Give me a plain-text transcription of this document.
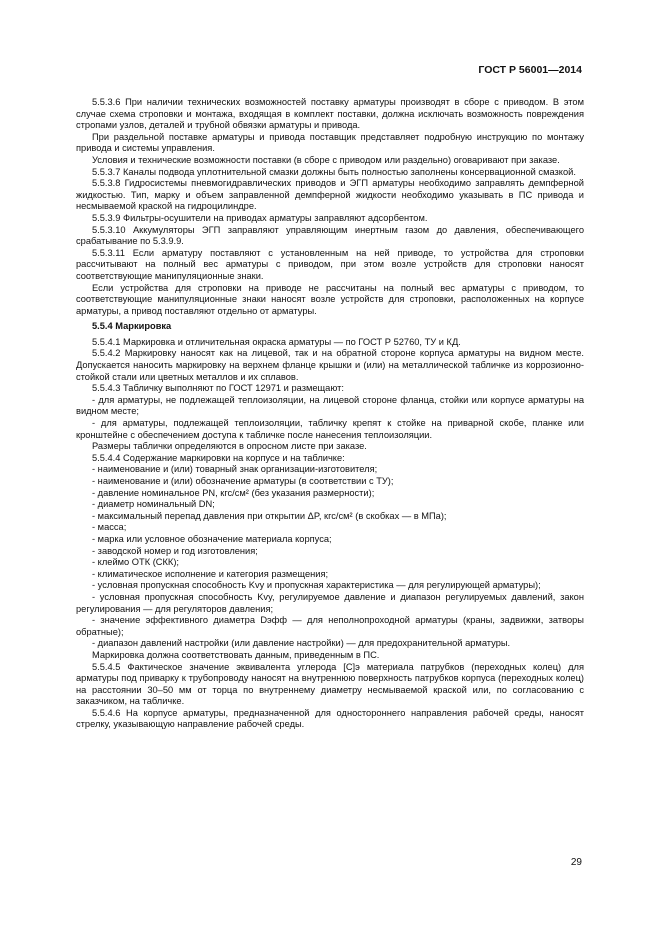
ГОСТ Р 56001—2014

5.5.3.6 При наличии технических возможностей поставку арматуры производят в сборе с приводом. В этом случае схема строповки и монтажа, входящая в комплект поставки, должна исключать возможность повреждения стропами узлов, деталей и трубной обвязки арматуры и привода.

При раздельной поставке арматуры и привода поставщик представляет подробную инструкцию по монтажу привода и системы управления.

Условия и технические возможности поставки (в сборе с приводом или раздельно) оговаривают при заказе.

5.5.3.7 Каналы подвода уплотнительной смазки должны быть полностью заполнены консервационной смазкой.

5.5.3.8 Гидросистемы пневмогидравлических приводов и ЭГП арматуры необходимо заправлять демпферной жидкостью. Тип, марку и объем заправленной демпферной жидкости необходимо указывать в ПС привода и несмываемой краской на гидроцилиндре.

5.5.3.9 Фильтры-осушители на приводах арматуры заправляют адсорбентом.

5.5.3.10 Аккумуляторы ЭГП заправляют управляющим инертным газом до давления, обеспечивающего срабатывание по 5.3.9.9.

5.5.3.11 Если арматуру поставляют с установленным на ней приводе, то устройства для строповки рассчитывают на полный вес арматуры с приводом, при этом возле устройств для строповки наносят соответствующие манипуляционные знаки.

Если устройства для строповки на приводе не рассчитаны на полный вес арматуры с приводом, то соответствующие манипуляционные знаки наносят возле устройств для строповки, расположенных на корпусе арматуры, а привод поставляют отдельно от арматуры.

5.5.4 Маркировка

5.5.4.1 Маркировка и отличительная окраска арматуры — по ГОСТ Р 52760, ТУ и КД.

5.5.4.2 Маркировку наносят как на лицевой, так и на обратной стороне корпуса арматуры на видном месте. Допускается наносить маркировку на верхнем фланце крышки и (или) на металлической табличке из коррозионно-стойкой стали или цветных металлов и их сплавов.

5.5.4.3 Табличку выполняют по ГОСТ 12971 и размещают:

- для арматуры, не подлежащей теплоизоляции, на лицевой стороне фланца, стойки или корпусе арматуры на видном месте;

- для арматуры, подлежащей теплоизоляции, табличку крепят к стойке на приварной скобе, планке или кронштейне с обеспечением доступа к табличке после нанесения теплоизоляции.

Размеры таблички определяются в опросном листе при заказе.

5.5.4.4 Содержание маркировки на корпусе и на табличке:

- наименование и (или) товарный знак организации-изготовителя;

- наименование и (или) обозначение арматуры (в соответствии с ТУ);

- давление номинальное PN, кгс/см² (без указания размерности);

- диаметр номинальный DN;

- максимальный перепад давления при открытии ΔP, кгс/см² (в скобках — в МПа);

- масса;

- марка или условное обозначение материала корпуса;

- заводской номер и год изготовления;

- клеймо ОТК (СКК);

- климатическое исполнение и категория размещения;

- условная пропускная способность Kvy и пропускная характеристика — для регулирующей арматуры);

- условная пропускная способность Kvy, регулируемое давление и диапазон регулируемых давлений, закон регулирования — для регуляторов давления;

- значение эффективного диаметра Dэфф — для неполнопроходной арматуры (краны, задвижки, затворы обратные);

- диапазон давлений настройки (или давление настройки) — для предохранительной арматуры.

Маркировка должна соответствовать данным, приведенным в ПС.

5.5.4.5 Фактическое значение эквивалента углерода [C]э материала патрубков (переходных колец) для арматуры под приварку к трубопроводу наносят на внутреннюю поверхность патрубков корпуса (переходных колец) на расстоянии 30–50 мм от торца по внутреннему диаметру несмываемой краской или, по согласованию с заказчиком, на табличке.

5.5.4.6 На корпусе арматуры, предназначенной для одностороннего направления рабочей среды, наносят стрелку, указывающую направление рабочей среды.

29
